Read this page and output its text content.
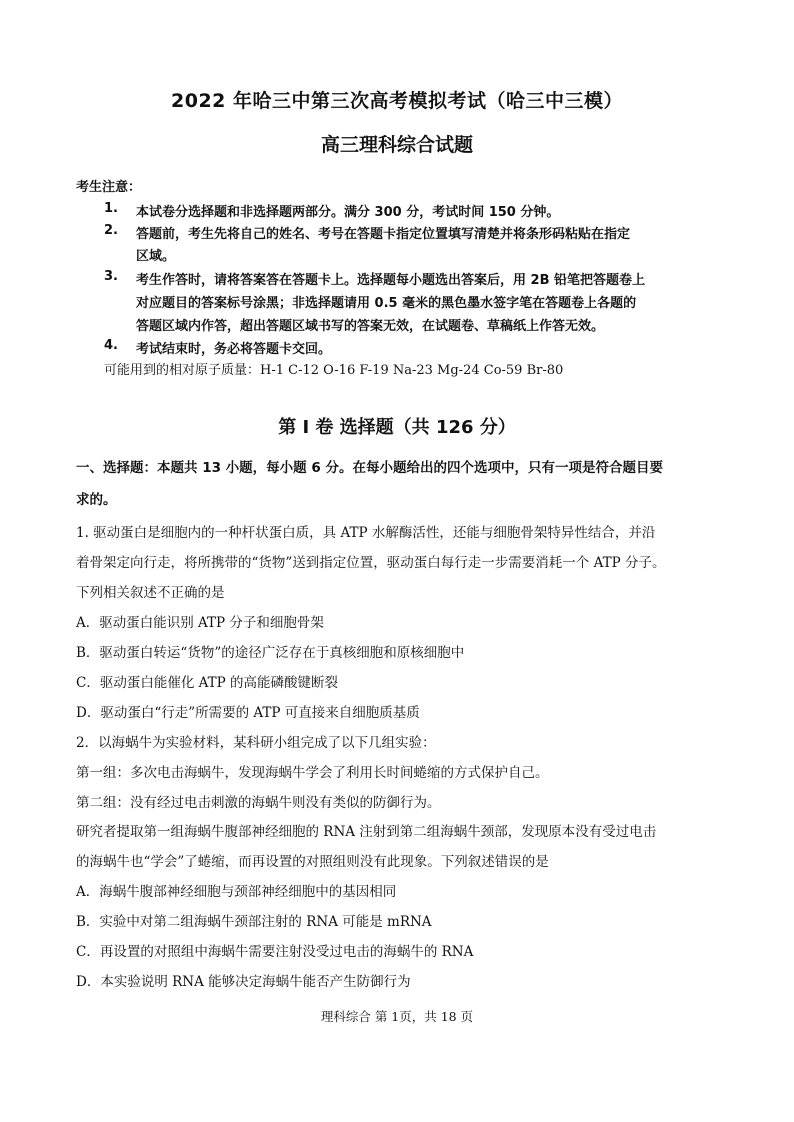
2022 年哈三中第三次高考模拟考试（哈三中三模）
高三理科综合试题
考生注意：
1. 本试卷分选择题和非选择题两部分。满分 300 分，考试时间 150 分钟。
2. 答题前，考生先将自己的姓名、考号在答题卡指定位置填写清楚并将条形码粘贴在指定
区域。
3. 考生作答时，请将答案答在答题卡上。选择题每小题选出答案后，用 2B 铅笔把答题卷上
对应题目的答案标号涂黑；非选择题请用 0.5 毫米的黑色墨水签字笔在答题卷上各题的
答题区域内作答，超出答题区域书写的答案无效，在试题卷、草稿纸上作答无效。
4. 考试结束时，务必将答题卡交回。
可能用到的相对原子质量：H-1 C-12 O-16 F-19 Na-23 Mg-24 Co-59 Br-80
第 I 卷 选择题（共 126 分）
一、选择题：本题共 13 小题，每小题 6 分。在每小题给出的四个选项中，只有一项是符合题目要
求的。
1. 驱动蛋白是细胞内的一种杆状蛋白质，具 ATP 水解酶活性，还能与细胞骨架特异性结合，并沿
着骨架定向行走，将所携带的“货物”送到指定位置，驱动蛋白每行走一步需要消耗一个 ATP 分子。
下列相关叙述不正确的是
A．驱动蛋白能识别 ATP 分子和细胞骨架
B．驱动蛋白转运“货物”的途径广泛存在于真核细胞和原核细胞中
C．驱动蛋白能催化 ATP 的高能磷酸键断裂
D．驱动蛋白“行走”所需要的 ATP 可直接来自细胞质基质
2．以海蜗牛为实验材料，某科研小组完成了以下几组实验：
第一组：多次电击海蜗牛，发现海蜗牛学会了利用长时间蜷缩的方式保护自己。
第二组：没有经过电击刺激的海蜗牛则没有类似的防御行为。
研究者提取第一组海蜗牛腹部神经细胞的 RNA 注射到第二组海蜗牛颈部，发现原本没有受过电击
的海蜗牛也“学会”了蜷缩，而再设置的对照组则没有此现象。下列叙述错误的是
A．海蜗牛腹部神经细胞与颈部神经细胞中的基因相同
B．实验中对第二组海蜗牛颈部注射的 RNA 可能是 mRNA
C．再设置的对照组中海蜗牛需要注射没受过电击的海蜗牛的 RNA
D．本实验说明 RNA 能够决定海蜗牛能否产生防御行为
理科综合 第 1页，共 18 页
